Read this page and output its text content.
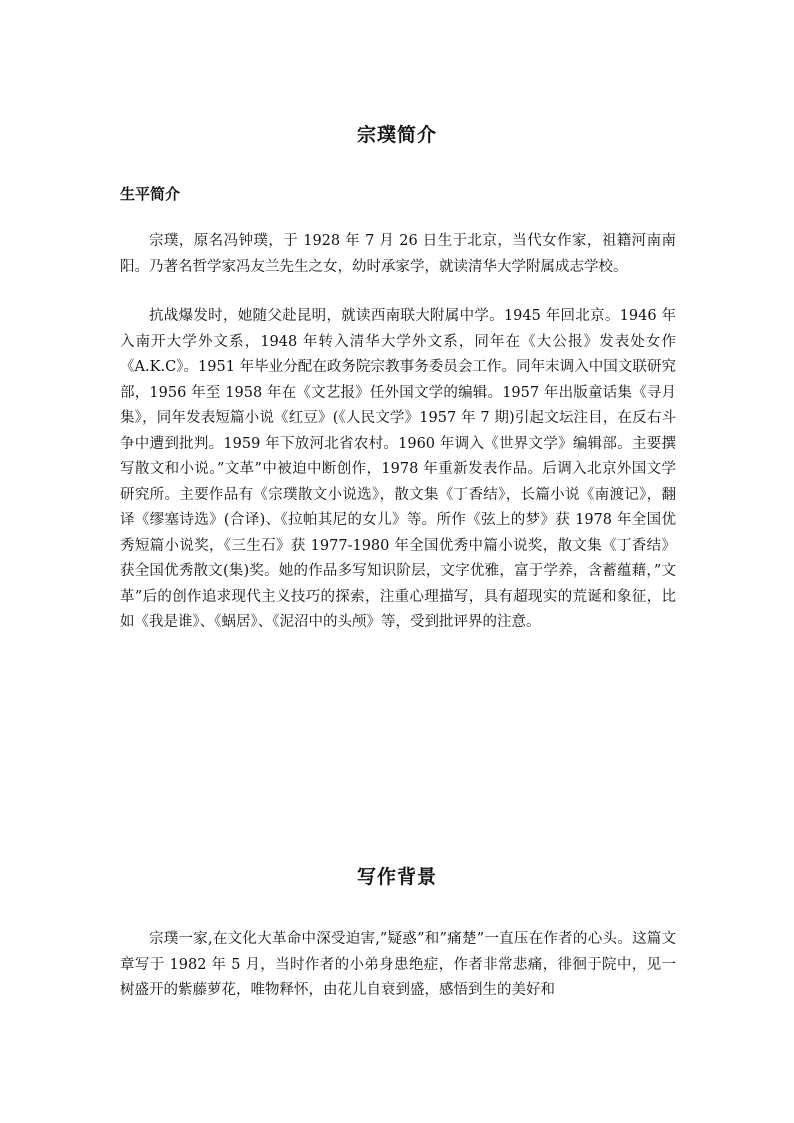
宗璞简介
生平简介

宗璞，原名冯钟璞，于 1928 年 7 月 26 日生于北京，当代女作家，祖籍河南南阳。乃著名哲学家冯友兰先生之女，幼时承家学，就读清华大学附属成志学校。

抗战爆发时，她随父赴昆明，就读西南联大附属中学。1945 年回北京。1946 年入南开大学外文系，1948 年转入清华大学外文系，同年在《大公报》发表处女作《A.K.C》。1951 年毕业分配在政务院宗教事务委员会工作。同年末调入中国文联研究部，1956 年至 1958 年在《文艺报》任外国文学的编辑。1957 年出版童话集《寻月集》，同年发表短篇小说《红豆》(《人民文学》1957 年 7 期)引起文坛注目，在反右斗争中遭到批判。1959 年下放河北省农村。1960 年调入《世界文学》编辑部。主要撰写散文和小说。”文革”中被迫中断创作，1978 年重新发表作品。后调入北京外国文学研究所。主要作品有《宗璞散文小说选》，散文集《丁香结》，长篇小说《南渡记》，翻译《缪塞诗选》(合译)、《拉帕其尼的女儿》等。所作《弦上的梦》获 1978 年全国优秀短篇小说奖，《三生石》获 1977-1980 年全国优秀中篇小说奖，散文集《丁香结》获全国优秀散文(集)奖。她的作品多写知识阶层，文字优雅，富于学养，含蓄蕴藉，”文革”后的创作追求现代主义技巧的探索，注重心理描写，具有超现实的荒诞和象征，比如《我是谁》、《蜗居》、《泥沼中的头颅》等，受到批评界的注意。

写作背景

宗璞一家,在文化大革命中深受迫害,”疑惑”和”痛楚”一直压在作者的心头。这篇文章写于 1982 年 5 月，当时作者的小弟身患绝症，作者非常悲痛，徘徊于院中，见一树盛开的紫藤萝花，唯物释怀，由花儿自衰到盛，感悟到生的美好和
